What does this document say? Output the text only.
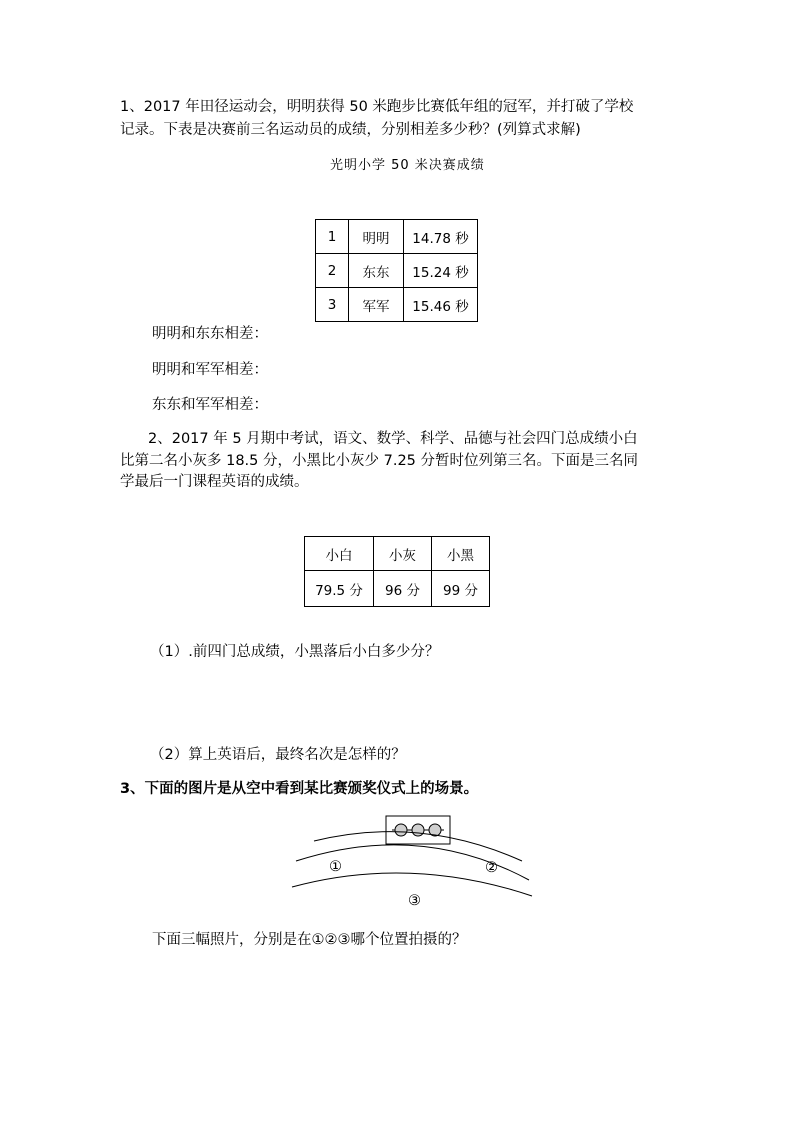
1、2017 年田径运动会，明明获得 50 米跑步比赛低年组的冠军，并打破了学校
记录。下表是决赛前三名运动员的成绩，分别相差多少秒？(列算式求解)
光明小学 50 米决赛成绩
1	明明	14.78 秒
2	东东	15.24 秒
3	军军	15.46 秒
明明和东东相差：
明明和军军相差：
东东和军军相差：
2、2017 年 5 月期中考试，语文、数学、科学、品德与社会四门总成绩小白
比第二名小灰多 18.5 分，小黑比小灰少 7.25 分暂时位列第三名。下面是三名同
学最后一门课程英语的成绩。
小白	小灰	小黑
79.5 分	96 分	99 分
（1）.前四门总成绩，小黑落后小白多少分？
（2）算上英语后，最终名次是怎样的？
3、下面的图片是从空中看到某比赛颁奖仪式上的场景。
①	②
③
下面三幅照片，分别是在①②③哪个位置拍摄的？
